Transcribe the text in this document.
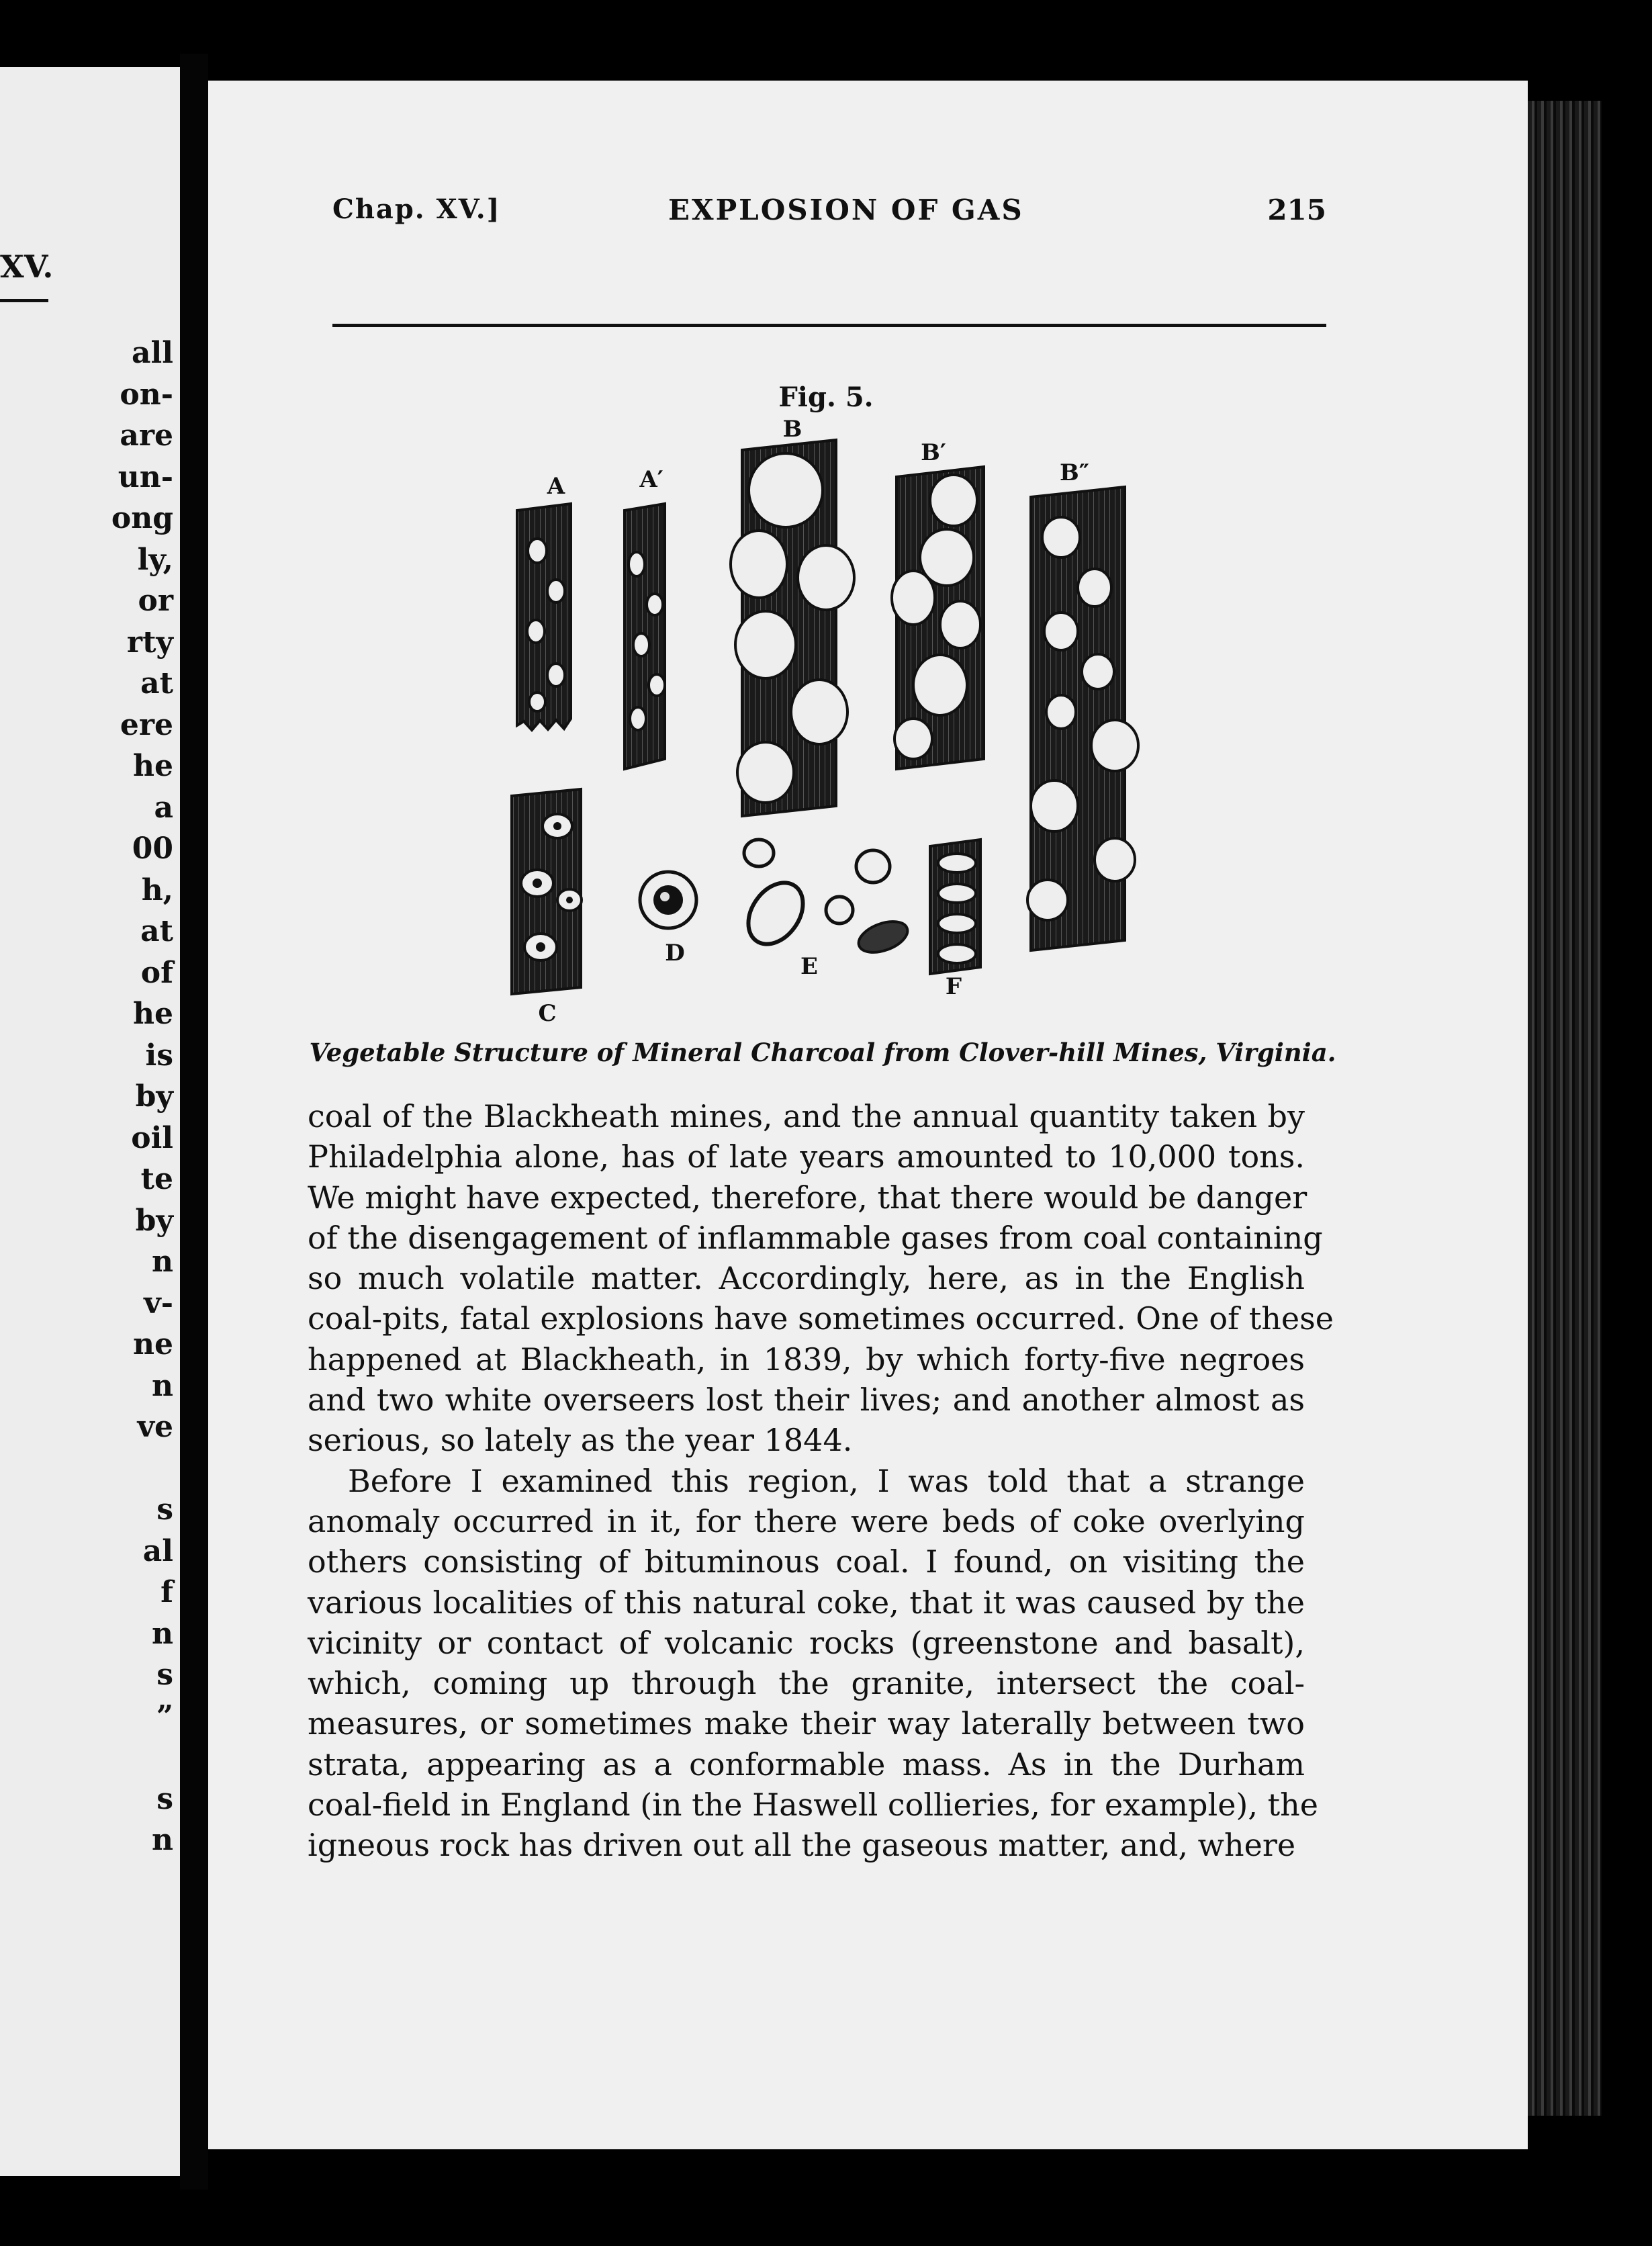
XV.
all
on-
are
un-
ong
ly,
or
rty
at
ere
he
a
00
h,
at
of
he
is
by
oil
te
by
n
v-
ne
n
ve
s
al
f
n
s
”
s
n
Chap. XV.]	EXPLOSION OF GAS	215
Fig. 5.
A	A′
B
B′
B″
C
D	E
F
Vegetable Structure of Mineral Charcoal from Clover-hill Mines, Virginia.

coal of the Blackheath mines, and the annual quantity taken by
Philadelphia alone, has of late years amounted to 10,000 tons.
We might have expected, therefore, that there would be danger
of the disengagement of inflammable gases from coal containing
so much volatile matter. Accordingly, here, as in the English
coal-pits, fatal explosions have sometimes occurred. One of these
happened at Blackheath, in 1839, by which forty-five negroes
and two white overseers lost their lives; and another almost as
serious, so lately as the year 1844.

Before I examined this region, I was told that a strange
anomaly occurred in it, for there were beds of coke overlying
others consisting of bituminous coal. I found, on visiting the
various localities of this natural coke, that it was caused by the
vicinity or contact of volcanic rocks (greenstone and basalt),
which, coming up through the granite, intersect the coal-
measures, or sometimes make their way laterally between two
strata, appearing as a conformable mass. As in the Durham
coal-field in England (in the Haswell collieries, for example), the
igneous rock has driven out all the gaseous matter, and, where
